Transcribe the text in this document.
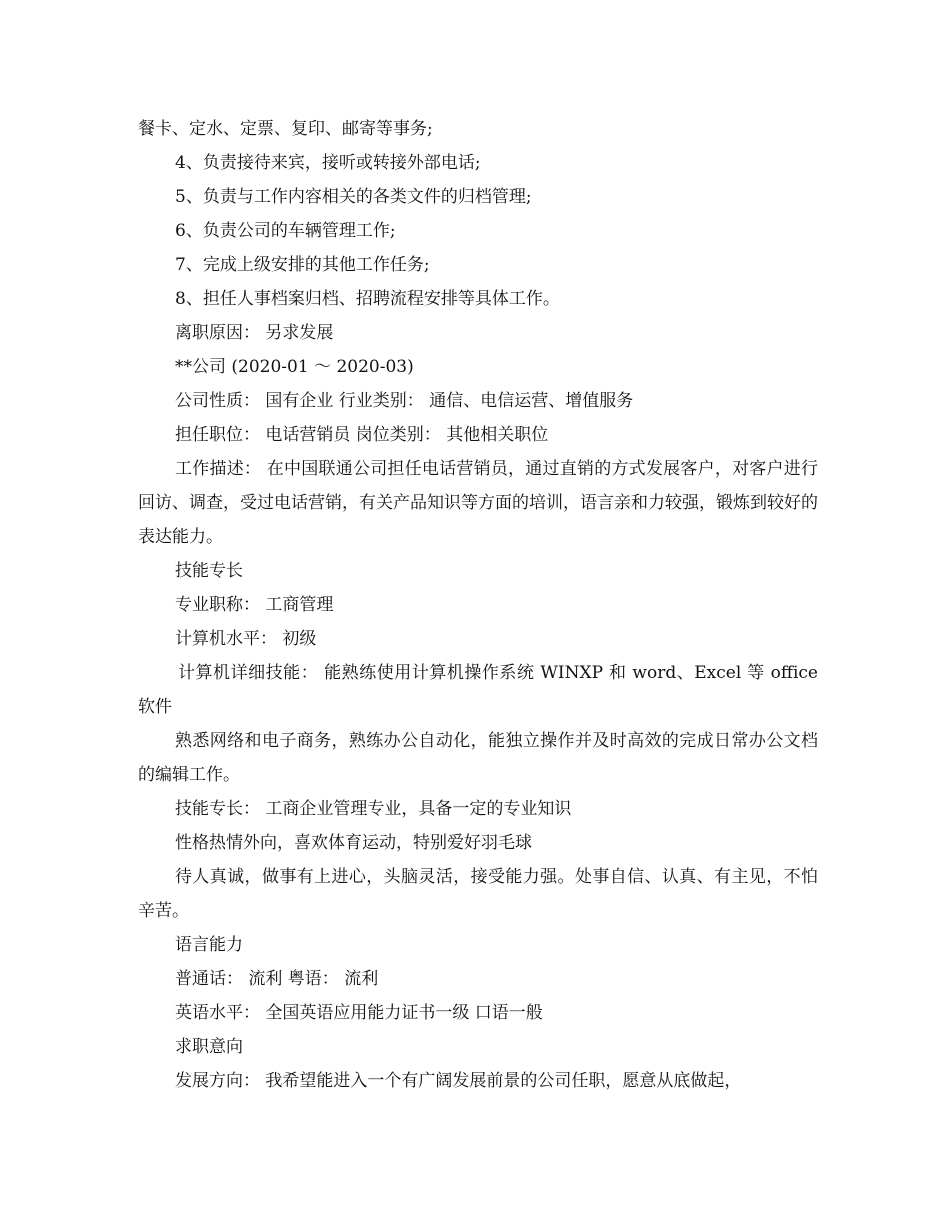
餐卡、定水、定票、复印、邮寄等事务;

4、负责接待来宾，接听或转接外部电话;

5、负责与工作内容相关的各类文件的归档管理;

6、负责公司的车辆管理工作;

7、完成上级安排的其他工作任务;

8、担任人事档案归档、招聘流程安排等具体工作。

离职原因： 另求发展

**公司 (2020-01 ～ 2020-03)

公司性质： 国有企业 行业类别： 通信、电信运营、增值服务

担任职位： 电话营销员 岗位类别： 其他相关职位

工作描述： 在中国联通公司担任电话营销员，通过直销的方式发展客户，对客户进行回访、调查，受过电话营销，有关产品知识等方面的培训，语言亲和力较强，锻炼到较好的表达能力。

技能专长

专业职称： 工商管理

计算机水平： 初级

计算机详细技能： 能熟练使用计算机操作系统 WINXP 和 word、Excel 等 office 软件

熟悉网络和电子商务，熟练办公自动化，能独立操作并及时高效的完成日常办公文档的编辑工作。

技能专长： 工商企业管理专业，具备一定的专业知识

性格热情外向，喜欢体育运动，特别爱好羽毛球

待人真诚，做事有上进心，头脑灵活，接受能力强。处事自信、认真、有主见，不怕辛苦。

语言能力

普通话： 流利 粤语： 流利

英语水平： 全国英语应用能力证书一级 口语一般

求职意向

发展方向： 我希望能进入一个有广阔发展前景的公司任职，愿意从底做起，
